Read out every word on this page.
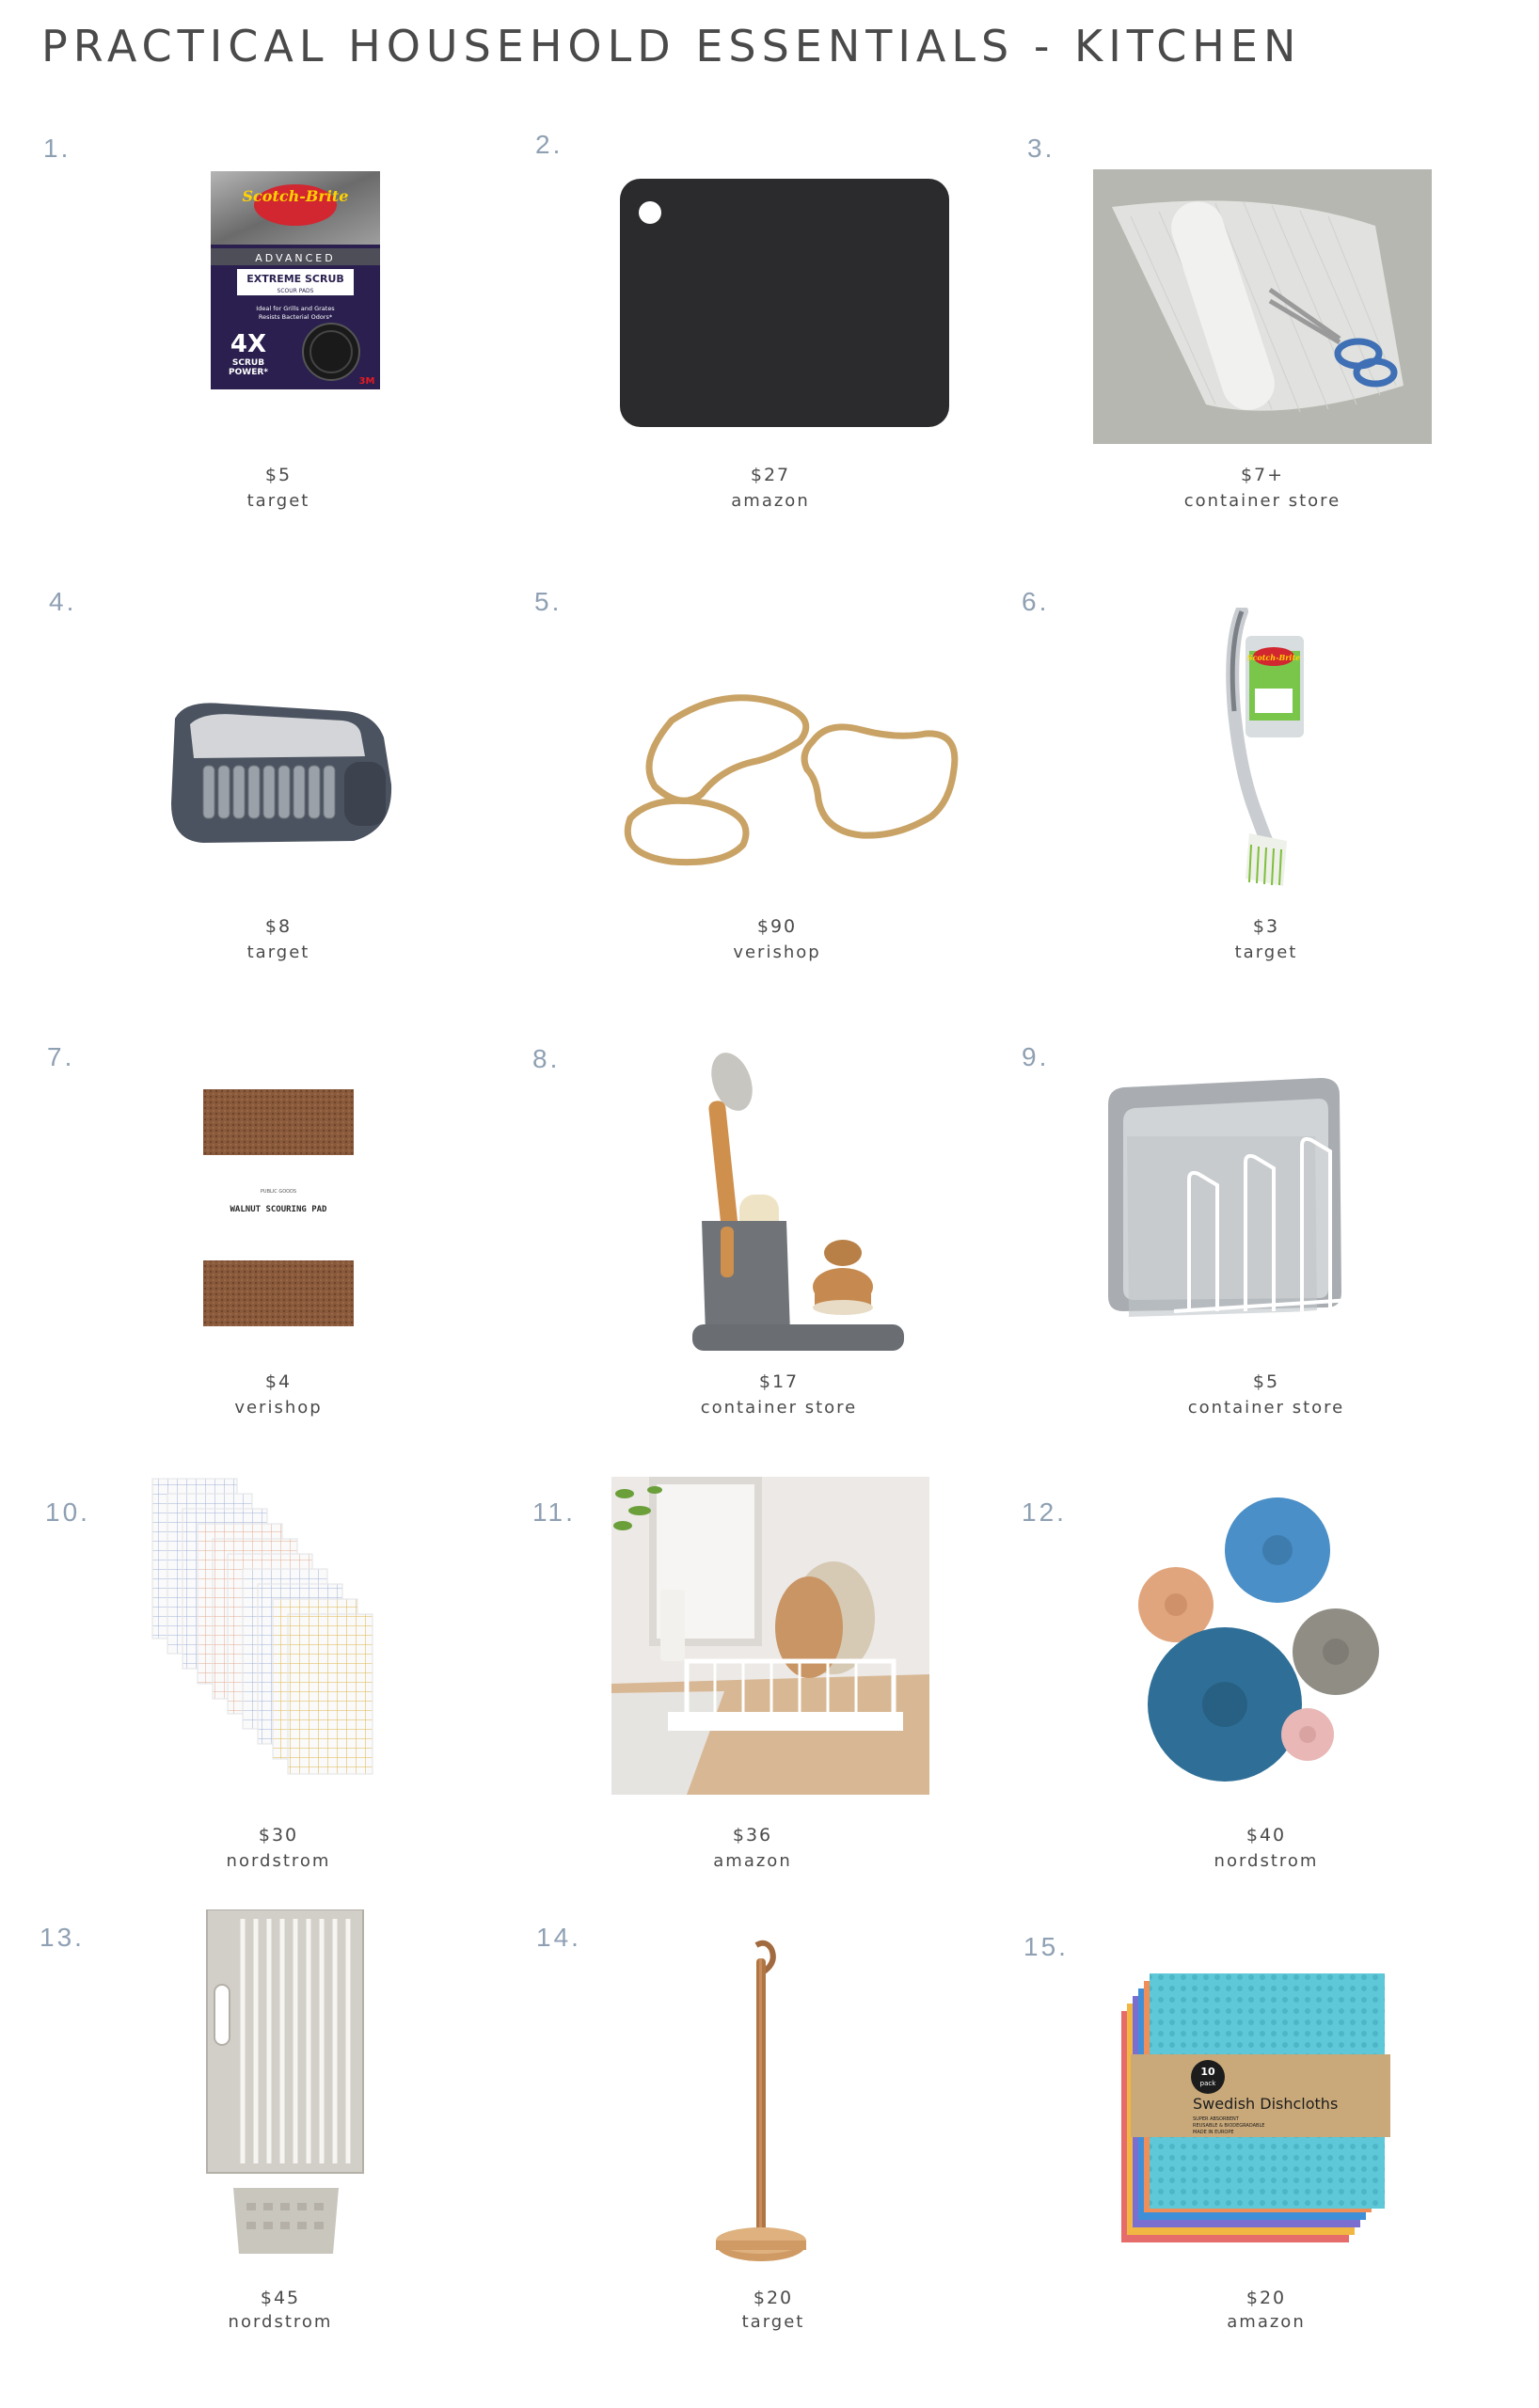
PRACTICAL HOUSEHOLD ESSENTIALS - KITCHEN
1.
Scotch-Brite
ADVANCED
EXTREME SCRUB
SCOUR PADS
Ideal for Grills and Grates
Resists Bacterial Odors*
4X
SCRUB
POWER*
3M
$5
target
2.
$27
amazon
3.
$7+
container store
4.
$8
target
5.
$90
verishop
6.
Scotch-Brite
$3
target
7.
PUBLIC GOODS
WALNUT SCOURING PAD
$4
verishop
8.
$17
container store
9.
$5
container store
10.
$30
nordstrom
11.
$36
amazon
12.
$40
nordstrom
13.
$45
nordstrom
14.
$20
target
15.
10
pack
Swedish Dishcloths
SUPER ABSORBENT
REUSABLE & BIODEGRADABLE
MADE IN EUROPE
$20
amazon
